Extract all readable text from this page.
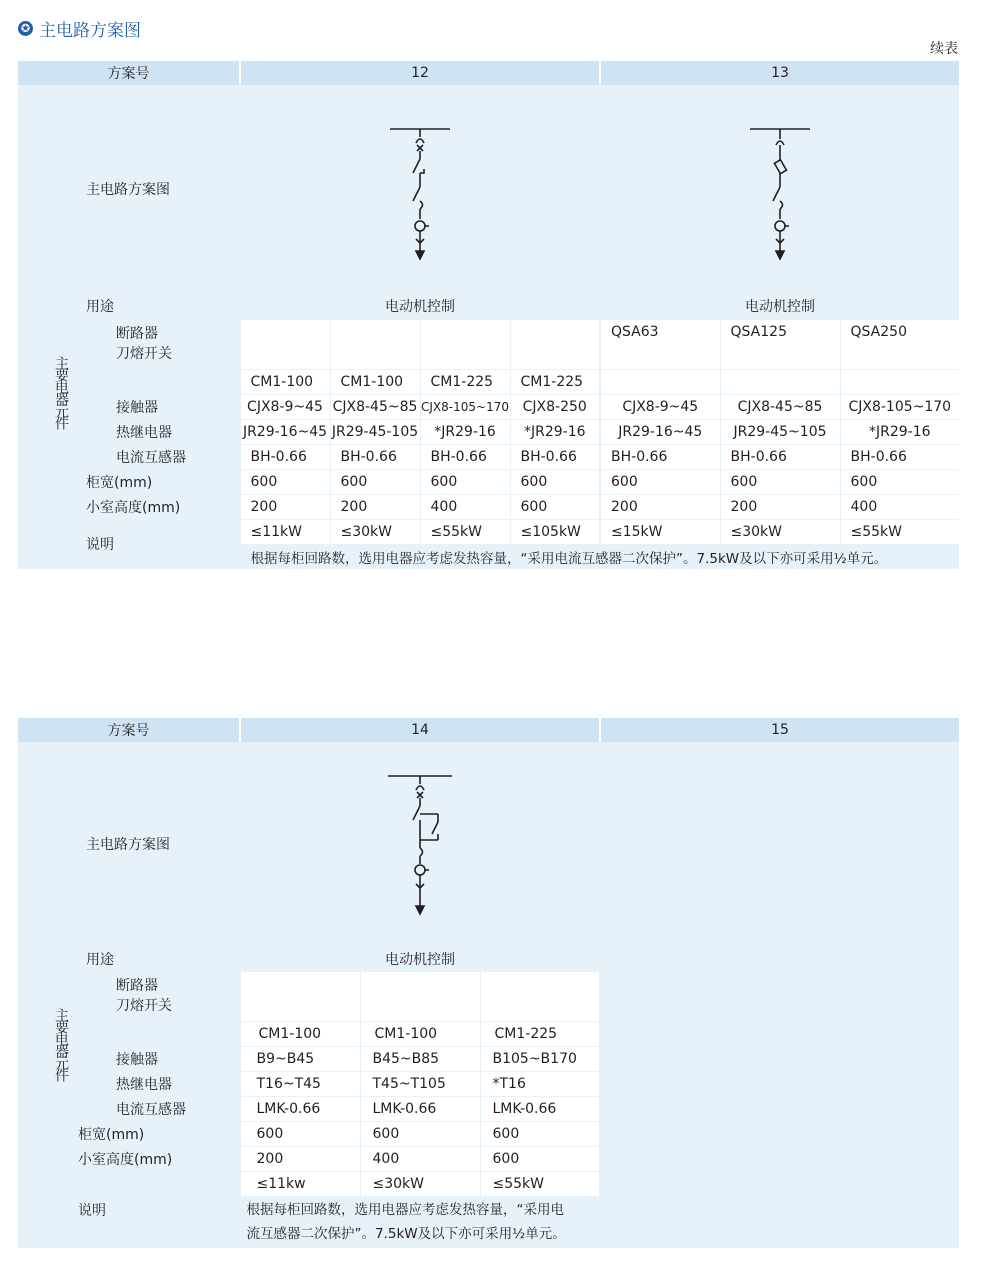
✪ 主电路方案图
续表
方案号		12				13		
主电路方案图	

用途		电动机控制				电动机控制		
主要电器元件	断路器
刀熔开关					QSA63	QSA125	QSA250

		CM1-100	CM1-100	CM1-225	CM1-225			
	接触器	CJX8-9~45	CJX8-45~85	CJX8-105~170	CJX8-250	CJX8-9~45	CJX8-45~85	CJX8-105~170
	热继电器	JR29-16~45	JR29-45-105	*JR29-16	*JR29-16	JR29-16~45	JR29-45~105	*JR29-16
	电流互感器	BH-0.66	BH-0.66	BH-0.66	BH-0.66	BH-0.66	BH-0.66	BH-0.66
柜宽(mm)		600	600	600	600	600	600	600
小室高度(mm)		200	200	400	600	200	200	400
说明		≤11kW	≤30kW	≤55kW	≤105kW	≤15kW	≤30kW	≤55kW
		根据每柜回路数，选用电器应考虑发热容量，“采用电流互感器二次保护”。7.5kW及以下亦可采用½单元。						
方案号		14			15
主电路方案图	

用途		电动机控制			
主要电器元件	断路器
刀熔开关				

		CM1-100	CM1-100	CM1-225	
	接触器	B9~B45	B45~B85	B105~B170	
	热继电器	T16~T45	T45~T105	*T16	
	电流互感器	LMK-0.66	LMK-0.66	LMK-0.66	
柜宽(mm)		600	600	600	
小室高度(mm)		200	400	600	
说明		≤11kw	≤30kW	≤55kW	
		根据每柜回路数，选用电器应考虑发热容量，“采用电
流互感器二次保护”。7.5kW及以下亦可采用½单元。			
